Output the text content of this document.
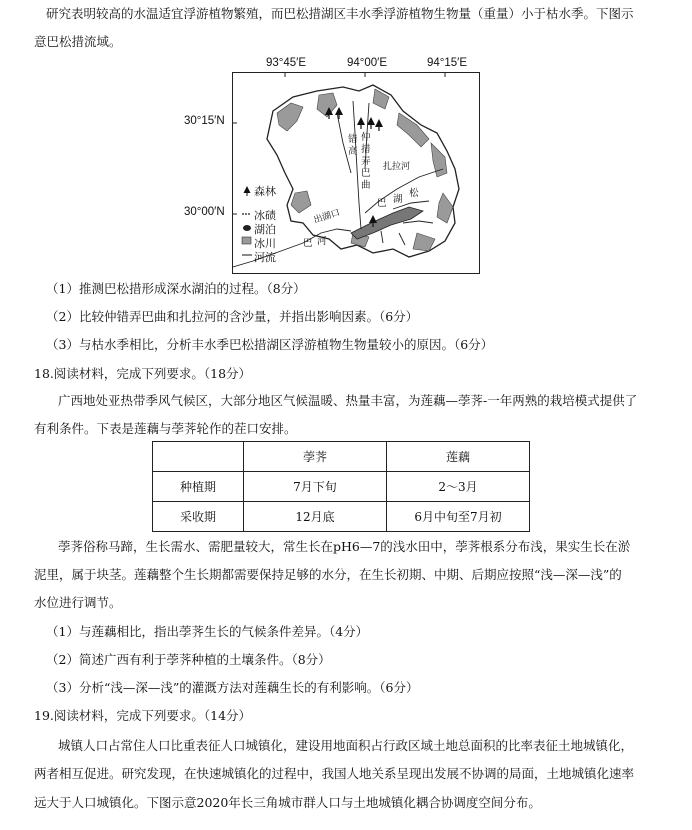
研究表明较高的水温适宜浮游植物繁殖，而巴松措湖区丰水季浮游植物生物量（重量）小于枯水季。下图示
意巴松措流域。
93°45′E	94°00′E	94°15′E
30°15′N
30°00′N
森林
冰碛
湖泊
冰川
河流
错
高
湖
巴
松
扎拉河
仲
措
弄
巴
曲
出湖口
巴 河
（1）推测巴松措形成深水湖泊的过程。（8分）
（2）比较仲错弄巴曲和扎拉河的含沙量，并指出影响因素。（6分）
（3）与枯水季相比，分析丰水季巴松措湖区浮游植物生物量较小的原因。（6分）
18.阅读材料，完成下列要求。（18分）
广西地处亚热带季风气候区，大部分地区气候温暖、热量丰富，为莲藕—荸荠-一年两熟的栽培模式提供了
有利条件。下表是莲藕与荸荠轮作的茬口安排。
	荸荠	莲藕
种植期	7月下旬	2～3月
采收期	12月底	6月中旬至7月初
荸荠俗称马蹄，生长需水、需肥量较大，常生长在pH6—7的浅水田中，荸荠根系分布浅，果实生长在淤
泥里，属于块茎。莲藕整个生长期都需要保持足够的水分，在生长初期、中期、后期应按照“浅—深—浅”的
水位进行调节。
（1）与莲藕相比，指出荸荠生长的气候条件差异。（4分）
（2）简述广西有利于荸荠种植的土壤条件。（8分）
（3）分析“浅—深—浅”的灌溉方法对莲藕生长的有利影响。（6分）
19.阅读材料，完成下列要求。（14分）
城镇人口占常住人口比重表征人口城镇化，建设用地面积占行政区域土地总面积的比率表征土地城镇化，
两者相互促进。研究发现，在快速城镇化的过程中，我国人地关系呈现出发展不协调的局面，土地城镇化速率
远大于人口城镇化。下图示意2020年长三角城市群人口与土地城镇化耦合协调度空间分布。
